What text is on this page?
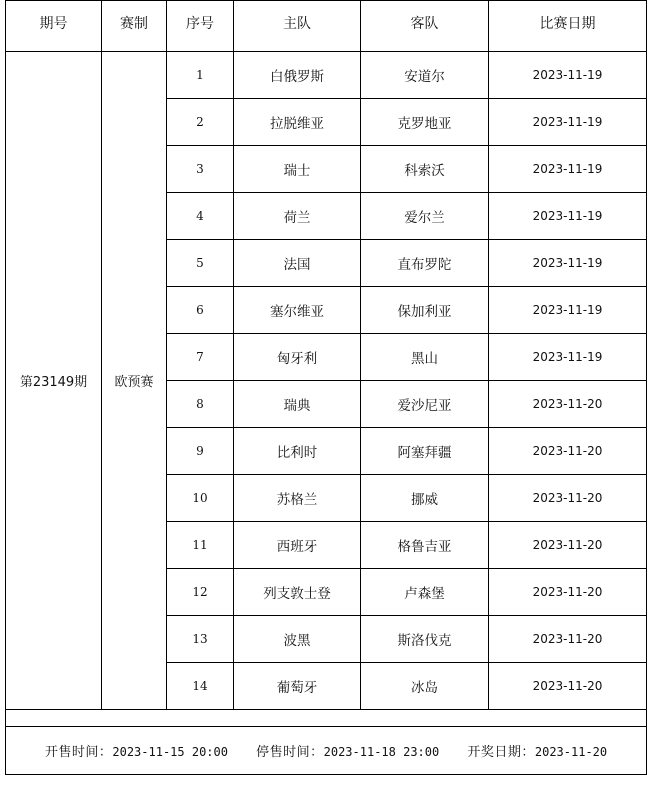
期号	赛制	序号	主队	客队	比赛日期
第23149期	欧预赛	1	白俄罗斯	安道尔	2023-11-19
		2	拉脱维亚	克罗地亚	2023-11-19
		3	瑞士	科索沃	2023-11-19
		4	荷兰	爱尔兰	2023-11-19
		5	法国	直布罗陀	2023-11-19
		6	塞尔维亚	保加利亚	2023-11-19
		7	匈牙利	黑山	2023-11-19
		8	瑞典	爱沙尼亚	2023-11-20
		9	比利时	阿塞拜疆	2023-11-20
		10	苏格兰	挪威	2023-11-20
		11	西班牙	格鲁吉亚	2023-11-20
		12	列支敦士登	卢森堡	2023-11-20
		13	波黑	斯洛伐克	2023-11-20
		14	葡萄牙	冰岛	2023-11-20

开售时间：2023-11-15 20:00 停售时间：2023-11-18 23:00 开奖日期：2023-11-20					
